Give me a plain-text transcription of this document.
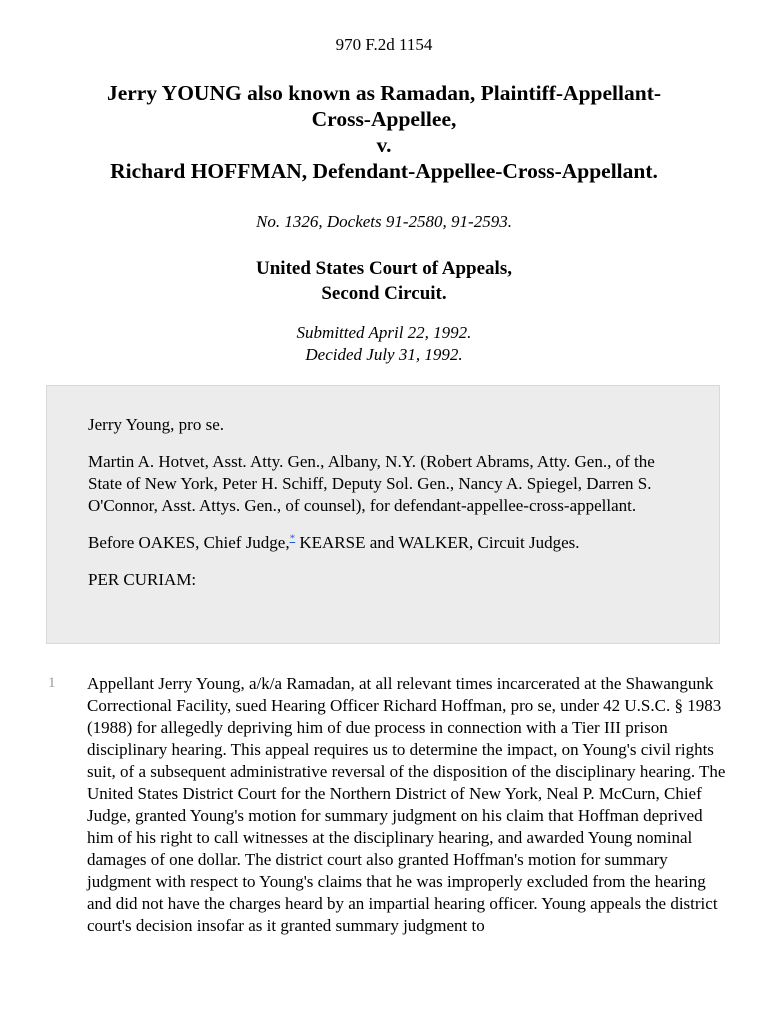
970 F.2d 1154
Jerry YOUNG also known as Ramadan, Plaintiff-Appellant-
Cross-Appellee,
v.
Richard HOFFMAN, Defendant-Appellee-Cross-Appellant.
No. 1326, Dockets 91-2580, 91-2593.
United States Court of Appeals,
Second Circuit.
Submitted April 22, 1992.
Decided July 31, 1992.

Jerry Young, pro se.

Martin A. Hotvet, Asst. Atty. Gen., Albany, N.Y. (Robert Abrams, Atty. Gen., of the State of New York, Peter H. Schiff, Deputy Sol. Gen., Nancy A. Spiegel, Darren S. O'Connor, Asst. Attys. Gen., of counsel), for defendant-appellee-cross-appellant.

Before OAKES, Chief Judge,* KEARSE and WALKER, Circuit Judges.

PER CURIAM:

1 Appellant Jerry Young, a/k/a Ramadan, at all relevant times incarcerated at the Shawangunk Correctional Facility, sued Hearing Officer Richard Hoffman, pro se, under 42 U.S.C. § 1983 (1988) for allegedly depriving him of due process in connection with a Tier III prison disciplinary hearing. This appeal requires us to determine the impact, on Young's civil rights suit, of a subsequent administrative reversal of the disposition of the disciplinary hearing. The United States District Court for the Northern District of New York, Neal P. McCurn, Chief Judge, granted Young's motion for summary judgment on his claim that Hoffman deprived him of his right to call witnesses at the disciplinary hearing, and awarded Young nominal damages of one dollar. The district court also granted Hoffman's motion for summary judgment with respect to Young's claims that he was improperly excluded from the hearing and did not have the charges heard by an impartial hearing officer. Young appeals the district court's decision insofar as it granted summary judgment to
